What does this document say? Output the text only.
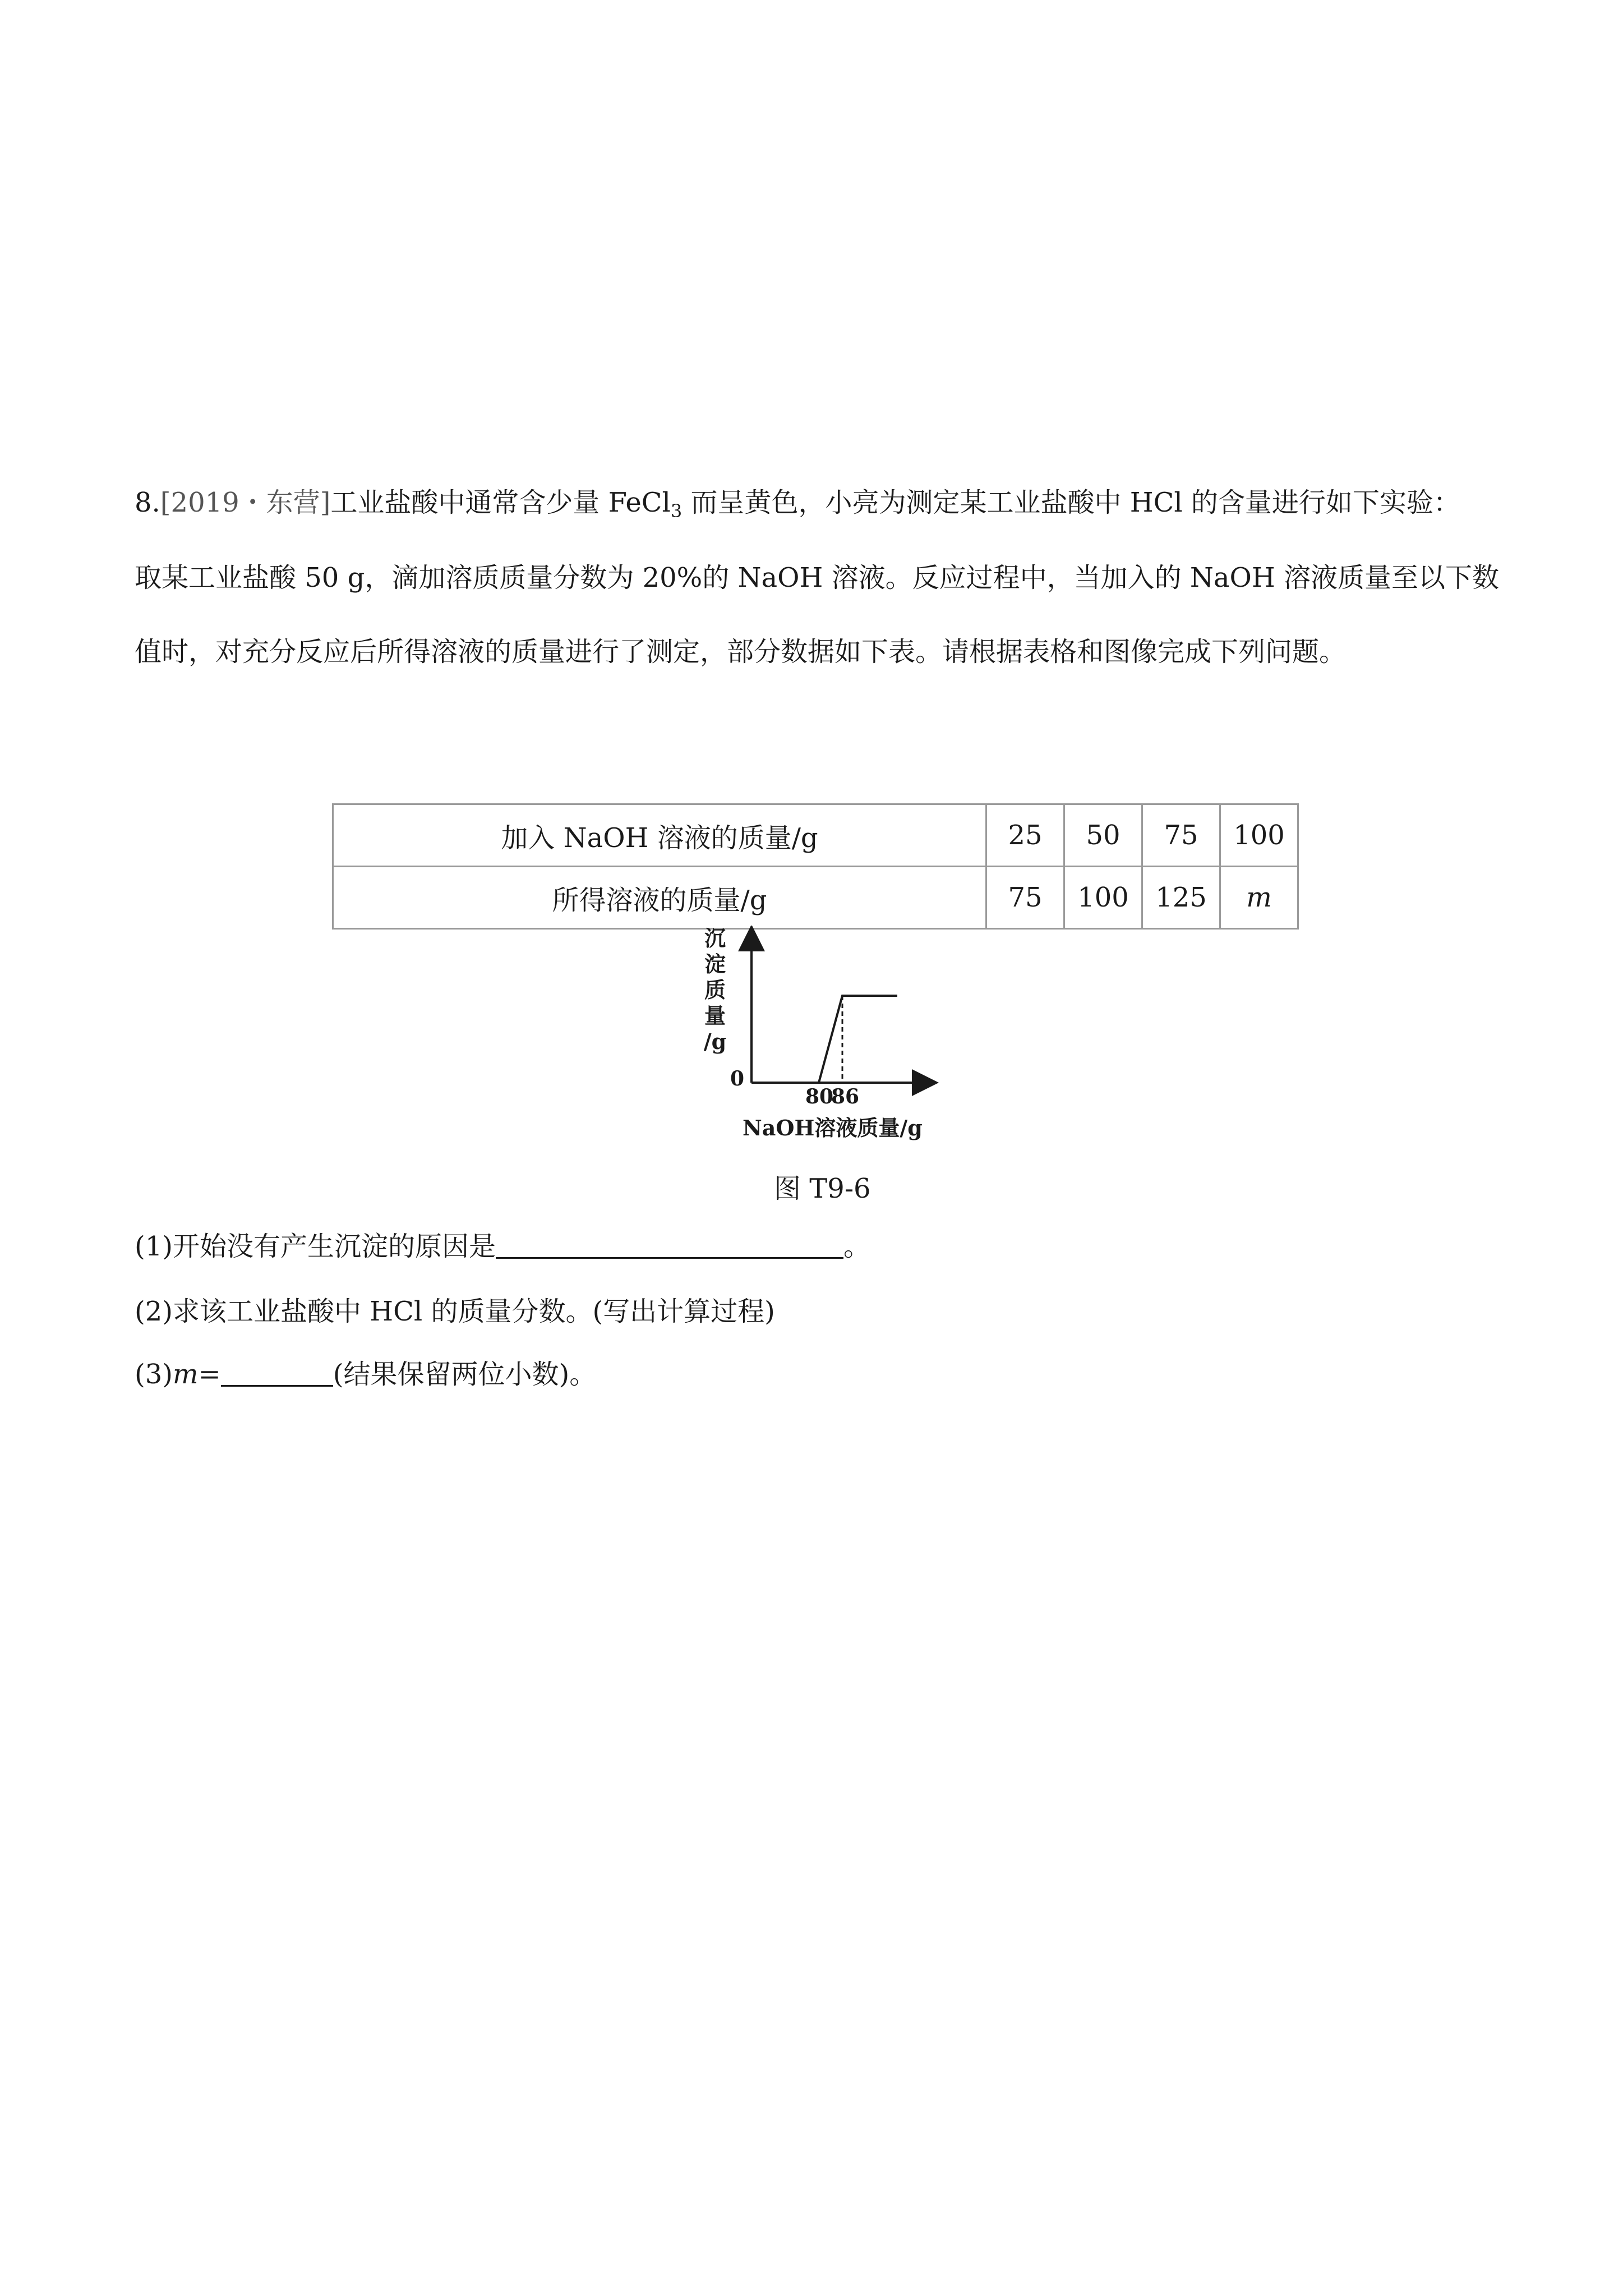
8.[2019・东营]工业盐酸中通常含少量 FeCl$_3$ 而呈黄色，小亮为测定某工业盐酸中 HCl 的含量进行如下实验：
取某工业盐酸 50 g，滴加溶质质量分数为 20%的 NaOH 溶液。反应过程中，当加入的 NaOH 溶液质量至以下数
值时，对充分反应后所得溶液的质量进行了测定，部分数据如下表。请根据表格和图像完成下列问题。
加入 NaOH 溶液的质量/g	25	50	75	100
所得溶液的质量/g	75	100	125	m
沉
淀
质
量
/g
0
80
86
NaOH溶液质量/g
图 T9-6
(1)开始没有产生沉淀的原因是	。
(2)求该工业盐酸中 HCl 的质量分数。(写出计算过程)
(3)m=	(结果保留两位小数)。
